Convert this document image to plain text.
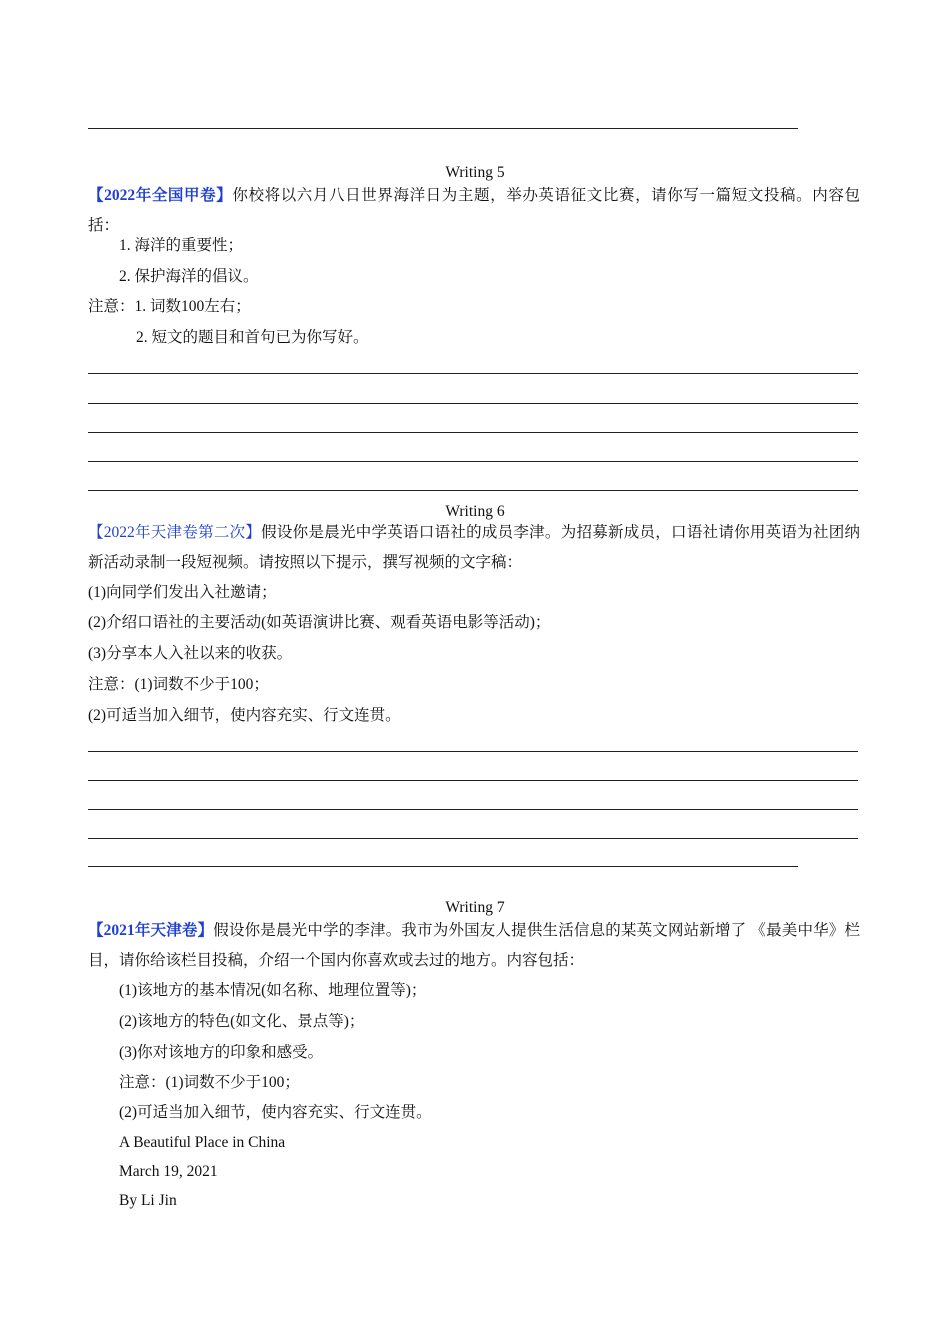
Writing 5
【2022年全国甲卷】你校将以六月八日世界海洋日为主题，举办英语征文比赛，请你写一篇短文投稿。内容包括：
1. 海洋的重要性；
2. 保护海洋的倡议。
注意：1. 词数100左右；
2. 短文的题目和首句已为你写好。
Writing 6
【2022年天津卷第二次】假设你是晨光中学英语口语社的成员李津。为招募新成员，口语社请你用英语为社团纳新活动录制一段短视频。请按照以下提示，撰写视频的文字稿：
(1)向同学们发出入社邀请；
(2)介绍口语社的主要活动(如英语演讲比赛、观看英语电影等活动)；
(3)分享本人入社以来的收获。
注意：(1)词数不少于100；
(2)可适当加入细节，使内容充实、行文连贯。
Writing 7
【2021年天津卷】假设你是晨光中学的李津。我市为外国友人提供生活信息的某英文网站新增了 《最美中华》栏目，请你给该栏目投稿，介绍一个国内你喜欢或去过的地方。内容包括：
(1)该地方的基本情况(如名称、地理位置等)；
(2)该地方的特色(如文化、景点等)；
(3)你对该地方的印象和感受。
注意：(1)词数不少于100；
(2)可适当加入细节，使内容充实、行文连贯。
A Beautiful Place in China
March 19, 2021
By Li Jin
